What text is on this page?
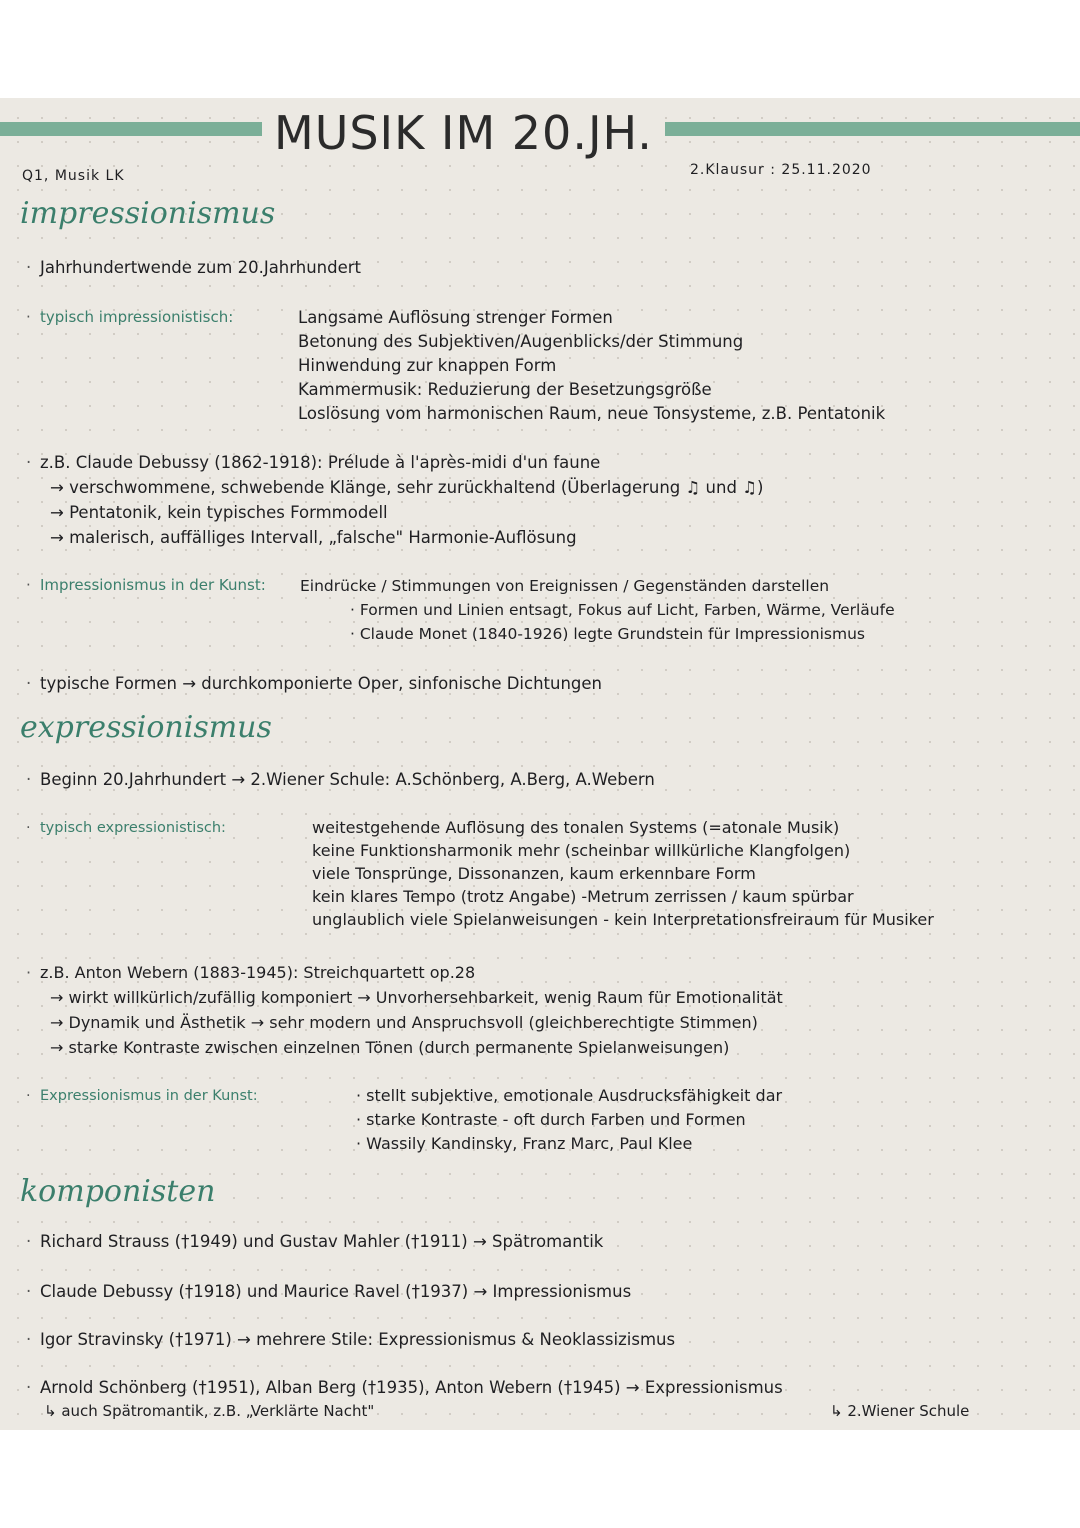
MUSIK IM 20.JH.
Q1, Musik LK	2.Klausur : 25.11.2020
impressionismus
· Jahrhundertwende zum 20.Jahrhundert
· typisch impressionistisch:	Langsame Auflösung strenger Formen
Betonung des Subjektiven/Augenblicks/der Stimmung
Hinwendung zur knappen Form
Kammermusik: Reduzierung der Besetzungsgröße
Loslösung vom harmonischen Raum, neue Tonsysteme, z.B. Pentatonik
· z.B. Claude Debussy (1862-1918): Prélude à l'après-midi d'un faune
→ verschwommene, schwebende Klänge, sehr zurückhaltend (Überlagerung ♫ und ♫)
→ Pentatonik, kein typisches Formmodell
→ malerisch, auffälliges Intervall, „falsche" Harmonie-Auflösung
· Impressionismus in der Kunst: Eindrücke / Stimmungen von Ereignissen / Gegenständen darstellen
· Formen und Linien entsagt, Fokus auf Licht, Farben, Wärme, Verläufe
· Claude Monet (1840-1926) legte Grundstein für Impressionismus
· typische Formen → durchkomponierte Oper, sinfonische Dichtungen
expressionismus
· Beginn 20.Jahrhundert → 2.Wiener Schule: A.Schönberg, A.Berg, A.Webern
· typisch expressionistisch:	weitestgehende Auflösung des tonalen Systems (=atonale Musik)
keine Funktionsharmonik mehr (scheinbar willkürliche Klangfolgen)
viele Tonsprünge, Dissonanzen, kaum erkennbare Form
kein klares Tempo (trotz Angabe) -Metrum zerrissen / kaum spürbar
unglaublich viele Spielanweisungen - kein Interpretationsfreiraum für Musiker
· z.B. Anton Webern (1883-1945): Streichquartett op.28
→ wirkt willkürlich/zufällig komponiert → Unvorhersehbarkeit, wenig Raum für Emotionalität
→ Dynamik und Ästhetik → sehr modern und Anspruchsvoll (gleichberechtigte Stimmen)
→ starke Kontraste zwischen einzelnen Tönen (durch permanente Spielanweisungen)
· Expressionismus in der Kunst:	· stellt subjektive, emotionale Ausdrucksfähigkeit dar
· starke Kontraste - oft durch Farben und Formen
· Wassily Kandinsky, Franz Marc, Paul Klee
komponisten
· Richard Strauss (†1949) und Gustav Mahler (†1911) → Spätromantik
· Claude Debussy (†1918) und Maurice Ravel (†1937) → Impressionismus
· Igor Stravinsky (†1971) → mehrere Stile: Expressionismus & Neoklassizismus
· Arnold Schönberg (†1951), Alban Berg (†1935), Anton Webern (†1945) → Expressionismus
↳ auch Spätromantik, z.B. „Verklärte Nacht"	↳ 2.Wiener Schule
